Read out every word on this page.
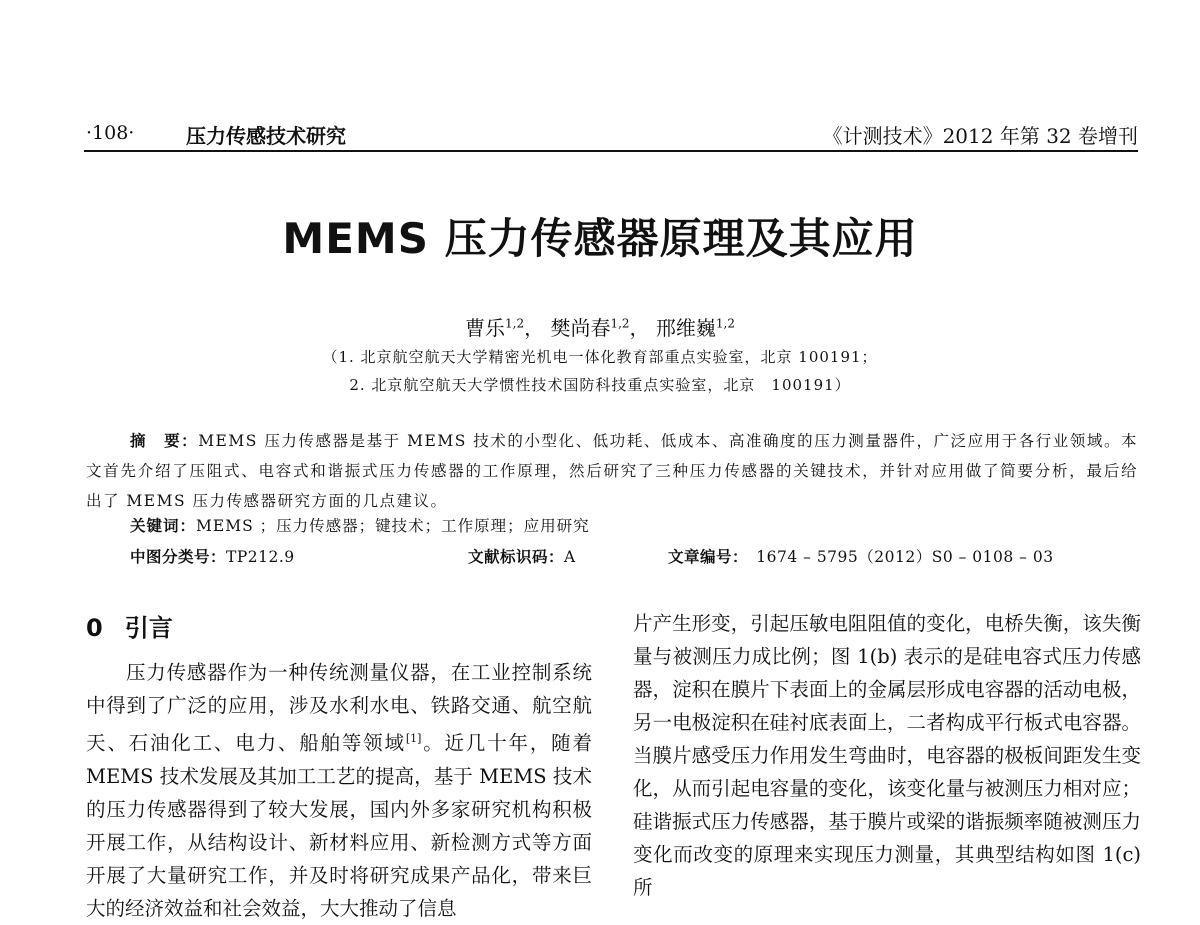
·108·	压力传感技术研究	《计测技术》2012 年第 32 卷增刊
MEMS 压力传感器原理及其应用
曹乐$^{1,2}$， 樊尚春$^{1,2}$， 邢维巍$^{1,2}$
（1. 北京航空航天大学精密光机电一体化教育部重点实验室，北京 100191；
2. 北京航空航天大学惯性技术国防科技重点实验室，北京　100191）

摘　要：MEMS 压力传感器是基于 MEMS 技术的小型化、低功耗、低成本、高准确度的压力测量器件，广泛应用于各行业领域。本文首先介绍了压阻式、电容式和谐振式压力传感器的工作原理，然后研究了三种压力传感器的关键技术，并针对应用做了简要分析，最后给出了 MEMS 压力传感器研究方面的几点建议。

关键词：MEMS ；压力传感器；键技术；工作原理；应用研究
中图分类号：TP212.9	文献标识码：A	文章编号：　1674 – 5795（2012）S0 – 0108 – 03
0 引言

压力传感器作为一种传统测量仪器，在工业控制系统中得到了广泛的应用，涉及水利水电、铁路交通、航空航天、石油化工、电力、船舶等领域[1]。近几十年，随着 MEMS 技术发展及其加工工艺的提高，基于 MEMS 技术的压力传感器得到了较大发展，国内外多家研究机构积极开展工作，从结构设计、新材料应用、新检测方式等方面开展了大量研究工作，并及时将研究成果产品化，带来巨大的经济效益和社会效益，大大推动了信息

片产生形变，引起压敏电阻阻值的变化，电桥失衡，该失衡量与被测压力成比例；图 1(b) 表示的是硅电容式压力传感器，淀积在膜片下表面上的金属层形成电容器的活动电极，另一电极淀积在硅衬底表面上，二者构成平行板式电容器。当膜片感受压力作用发生弯曲时，电容器的极板间距发生变化，从而引起电容量的变化，该变化量与被测压力相对应；硅谐振式压力传感器，基于膜片或梁的谐振频率随被测压力变化而改变的原理来实现压力测量，其典型结构如图 1(c) 所
